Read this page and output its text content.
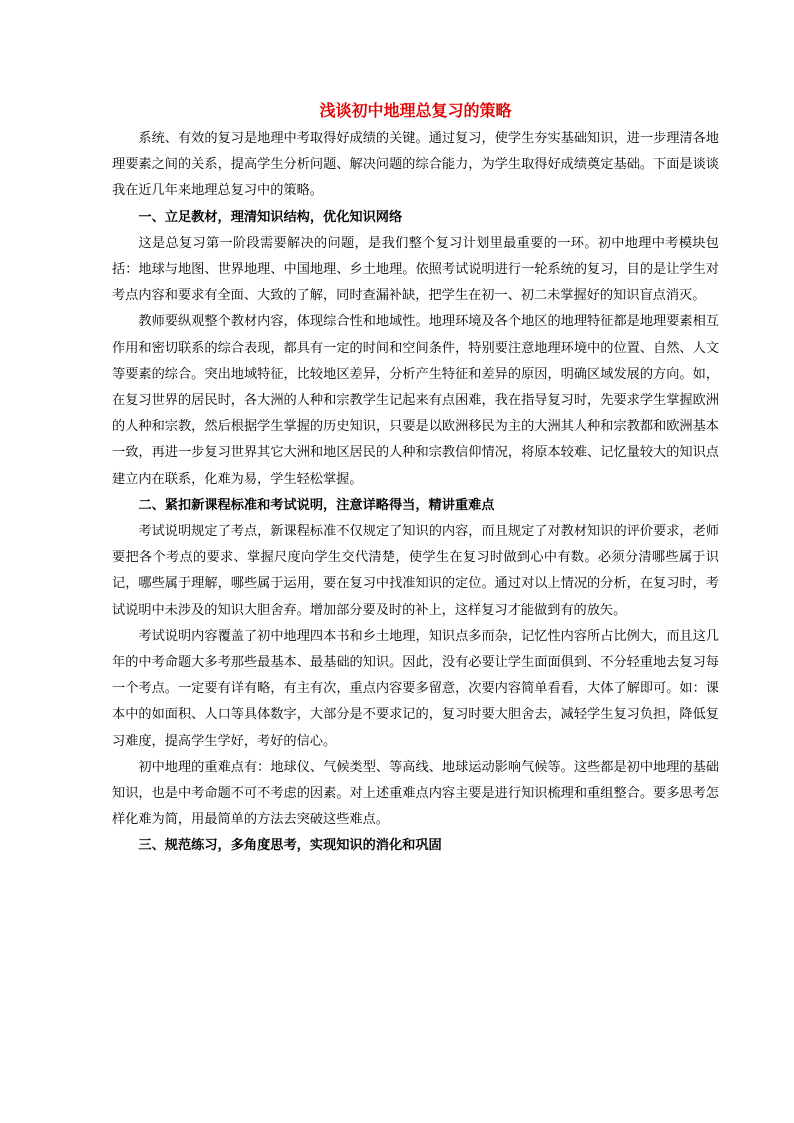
浅谈初中地理总复习的策略

系统、有效的复习是地理中考取得好成绩的关键。通过复习，使学生夯实基础知识，进一步理清各地理要素之间的关系，提高学生分析问题、解决问题的综合能力，为学生取得好成绩奠定基础。下面是谈谈我在近几年来地理总复习中的策略。

一、立足教材，理清知识结构，优化知识网络

这是总复习第一阶段需要解决的问题，是我们整个复习计划里最重要的一环。初中地理中考模块包括：地球与地图、世界地理、中国地理、乡土地理。依照考试说明进行一轮系统的复习，目的是让学生对考点内容和要求有全面、大致的了解，同时查漏补缺，把学生在初一、初二未掌握好的知识盲点消灭。

教师要纵观整个教材内容，体现综合性和地域性。地理环境及各个地区的地理特征都是地理要素相互作用和密切联系的综合表现，都具有一定的时间和空间条件，特别要注意地理环境中的位置、自然、人文等要素的综合。突出地域特征，比较地区差异，分析产生特征和差异的原因，明确区域发展的方向。如，在复习世界的居民时，各大洲的人种和宗教学生记起来有点困难，我在指导复习时，先要求学生掌握欧洲的人种和宗教，然后根据学生掌握的历史知识，只要是以欧洲移民为主的大洲其人种和宗教都和欧洲基本一致，再进一步复习世界其它大洲和地区居民的人种和宗教信仰情况，将原本较难、记忆量较大的知识点建立内在联系，化难为易，学生轻松掌握。

二、紧扣新课程标准和考试说明，注意详略得当，精讲重难点

考试说明规定了考点，新课程标准不仅规定了知识的内容，而且规定了对教材知识的评价要求，老师要把各个考点的要求、掌握尺度向学生交代清楚，使学生在复习时做到心中有数。必须分清哪些属于识记，哪些属于理解，哪些属于运用，要在复习中找准知识的定位。通过对以上情况的分析，在复习时，考试说明中未涉及的知识大胆舍弃。增加部分要及时的补上，这样复习才能做到有的放矢。

考试说明内容覆盖了初中地理四本书和乡土地理，知识点多而杂，记忆性内容所占比例大，而且这几年的中考命题大多考那些最基本、最基础的知识。因此，没有必要让学生面面俱到、不分轻重地去复习每一个考点。一定要有详有略，有主有次，重点内容要多留意，次要内容简单看看，大体了解即可。如：课本中的如面积、人口等具体数字，大部分是不要求记的，复习时要大胆舍去，减轻学生复习负担，降低复习难度，提高学生学好，考好的信心。

初中地理的重难点有：地球仪、气候类型、等高线、地球运动影响气候等。这些都是初中地理的基础知识，也是中考命题不可不考虑的因素。对上述重难点内容主要是进行知识梳理和重组整合。要多思考怎样化难为简，用最简单的方法去突破这些难点。

三、规范练习，多角度思考，实现知识的消化和巩固
